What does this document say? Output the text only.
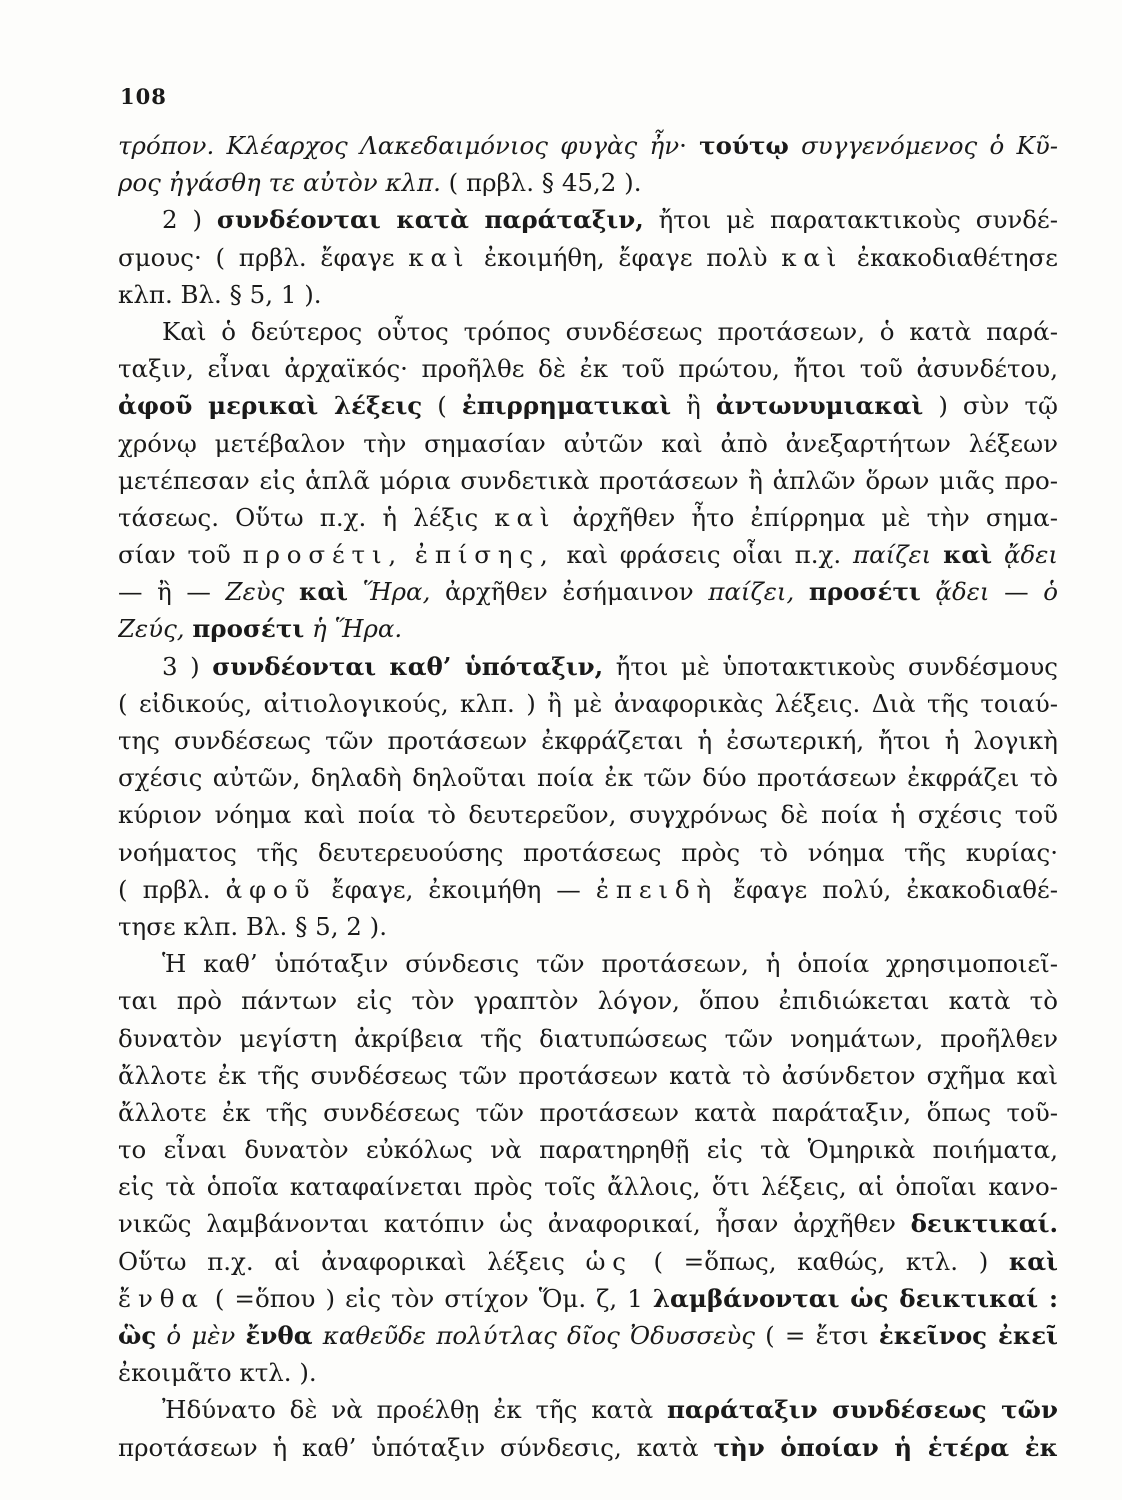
108
τρόπον. Κλέαρχος Λακεδαιμόνιος φυγὰς ἦν· τούτῳ συγγενόμενος ὁ Κῦ-
ρος ἠγάσθη τε αὐτὸν κλπ. ( πρβλ. § 45,2 ).
2 ) συνδέονται κατὰ παράταξιν, ἤτοι μὲ παρατακτικοὺς συνδέ-
σμους· ( πρβλ. ἔφαγε καὶ ἐκοιμήθη, ἔφαγε πολὺ καὶ ἐκακοδιαθέτησε
κλπ. Βλ. § 5, 1 ).
Καὶ ὁ δεύτερος οὗτος τρόπος συνδέσεως προτάσεων, ὁ κατὰ παρά-
ταξιν, εἶναι ἀρχαϊκός· προῆλθε δὲ ἐκ τοῦ πρώτου, ἤτοι τοῦ ἀσυνδέτου,
ἀφοῦ μερικαὶ λέξεις ( ἐπιρρηματικαὶ ἢ ἀντωνυμιακαὶ ) σὺν τῷ
χρόνῳ μετέβαλον τὴν σημασίαν αὐτῶν καὶ ἀπὸ ἀνεξαρτήτων λέξεων
μετέπεσαν εἰς ἁπλᾶ μόρια συνδετικὰ προτάσεων ἢ ἁπλῶν ὅρων μιᾶς προ-
τάσεως. Οὕτω π.χ. ἡ λέξις καὶ ἀρχῆθεν ἦτο ἐπίρρημα μὲ τὴν σημα-
σίαν τοῦ προσέτι, ἐπίσης, καὶ φράσεις οἷαι π.χ. παίζει καὶ ᾄδει
— ἢ — Ζεὺς καὶ Ἥρα, ἀρχῆθεν ἐσήμαινον παίζει, προσέτι ᾄδει — ὁ
Ζεύς, προσέτι ἡ Ἥρα.
3 ) συνδέονται καθ’ ὑπόταξιν, ἤτοι μὲ ὑποτακτικοὺς συνδέσμους
( εἰδικούς, αἰτιολογικούς, κλπ. ) ἢ μὲ ἀναφορικὰς λέξεις. Διὰ τῆς τοιαύ-
της συνδέσεως τῶν προτάσεων ἐκφράζεται ἡ ἐσωτερική, ἤτοι ἡ λογικὴ
σχέσις αὐτῶν, δηλαδὴ δηλοῦται ποία ἐκ τῶν δύο προτάσεων ἐκφράζει τὸ
κύριον νόημα καὶ ποία τὸ δευτερεῦον, συγχρόνως δὲ ποία ἡ σχέσις τοῦ
νοήματος τῆς δευτερευούσης προτάσεως πρὸς τὸ νόημα τῆς κυρίας·
( πρβλ. ἀφοῦ ἔφαγε, ἐκοιμήθη — ἐπειδὴ ἔφαγε πολύ, ἐκακοδιαθέ-
τησε κλπ. Βλ. § 5, 2 ).
Ἡ καθ’ ὑπόταξιν σύνδεσις τῶν προτάσεων, ἡ ὁποία χρησιμοποιεῖ-
ται πρὸ πάντων εἰς τὸν γραπτὸν λόγον, ὅπου ἐπιδιώκεται κατὰ τὸ
δυνατὸν μεγίστη ἀκρίβεια τῆς διατυπώσεως τῶν νοημάτων, προῆλθεν
ἄλλοτε ἐκ τῆς συνδέσεως τῶν προτάσεων κατὰ τὸ ἀσύνδετον σχῆμα καὶ
ἄλλοτε ἐκ τῆς συνδέσεως τῶν προτάσεων κατὰ παράταξιν, ὅπως τοῦ-
το εἶναι δυνατὸν εὐκόλως νὰ παρατηρηθῇ εἰς τὰ Ὁμηρικὰ ποιήματα,
εἰς τὰ ὁποῖα καταφαίνεται πρὸς τοῖς ἄλλοις, ὅτι λέξεις, αἱ ὁποῖαι κανο-
νικῶς λαμβάνονται κατόπιν ὡς ἀναφορικαί, ἦσαν ἀρχῆθεν δεικτικαί.
Οὕτω π.χ. αἱ ἀναφορικαὶ λέξεις ὡς ( =ὅπως, καθώς, κτλ. ) καὶ
ἔνθα ( =ὅπου ) εἰς τὸν στίχον Ὅμ. ζ, 1 λαμβάνονται ὡς δεικτικαί :
ὣς ὁ μὲν ἔνθα καθεῦδε πολύτλας δῖος Ὀδυσσεὺς ( = ἔτσι ἐκεῖνος ἐκεῖ
ἐκοιμᾶτο κτλ. ).
Ἠδύνατο δὲ νὰ προέλθῃ ἐκ τῆς κατὰ παράταξιν συνδέσεως τῶν
προτάσεων ἡ καθ’ ὑπόταξιν σύνδεσις, κατὰ τὴν ὁποίαν ἡ ἑτέρα ἐκ
